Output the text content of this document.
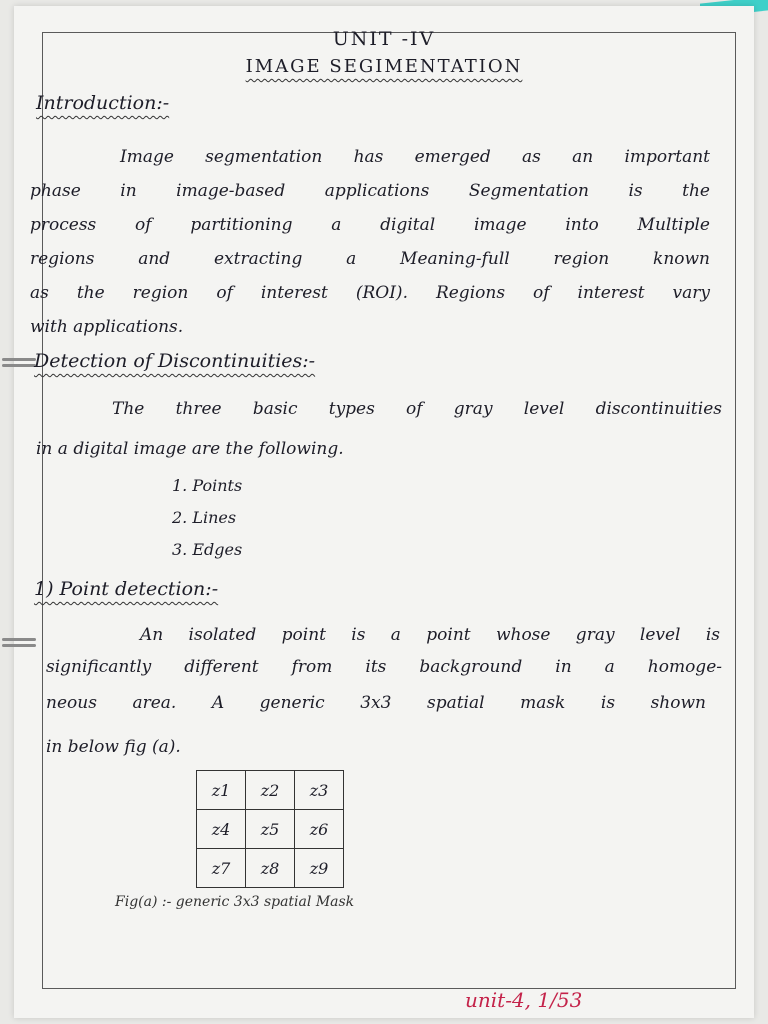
UNIT -IV
IMAGE SEGIMENTATION
Introduction:-
Image segmentation has emerged as an important
phase in image-based applications Segmentation is the
process of partitioning a digital image into Multiple
regions and extracting a Meaning-full region known
as the region of interest (ROI). Regions of interest vary
with applications.
Detection of Discontinuities:-
The three basic types of gray level discontinuities
in a digital image are the following.
1. Points
2. Lines
3. Edges
1) Point detection:-
An isolated point is a point whose gray level is
significantly different from its background in a homoge-
neous area. A generic 3x3 spatial mask is shown
in below fig (a).
z1	z2	z3
z4	z5	z6
z7	z8	z9
Fig(a) :- generic 3x3 spatial Mask
unit-4, 1/53
